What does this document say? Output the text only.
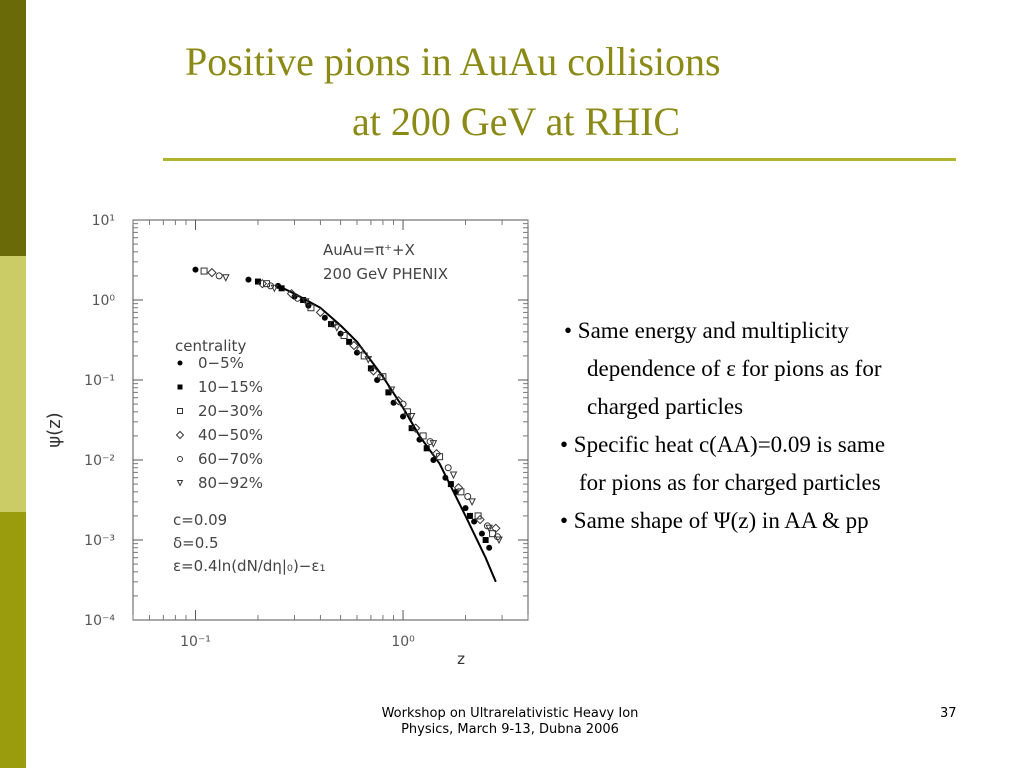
Positive pions in AuAu collisions
at 200 GeV at RHIC
10¹
10⁰
10⁻¹
10⁻²
10⁻³
10⁻⁴
10⁻¹	10⁰
ψ(z)
z
AuAu=π⁺+X
200 GeV PHENIX
centrality
0−5%
10−15%
20−30%
40−50%
60−70%
80−92%
c=0.09
δ=0.5
ε=0.4ln(dN/dη|₀)−ε₁
• Same energy and multiplicity
dependence of ε for pions as for
charged particles
• Specific heat c(AA)=0.09 is same
for pions as for charged particles
• Same shape of Ψ(z) in AA & pp
Workshop on Ultrarelativistic Heavy Ion
Physics, March 9-13, Dubna 2006
37
